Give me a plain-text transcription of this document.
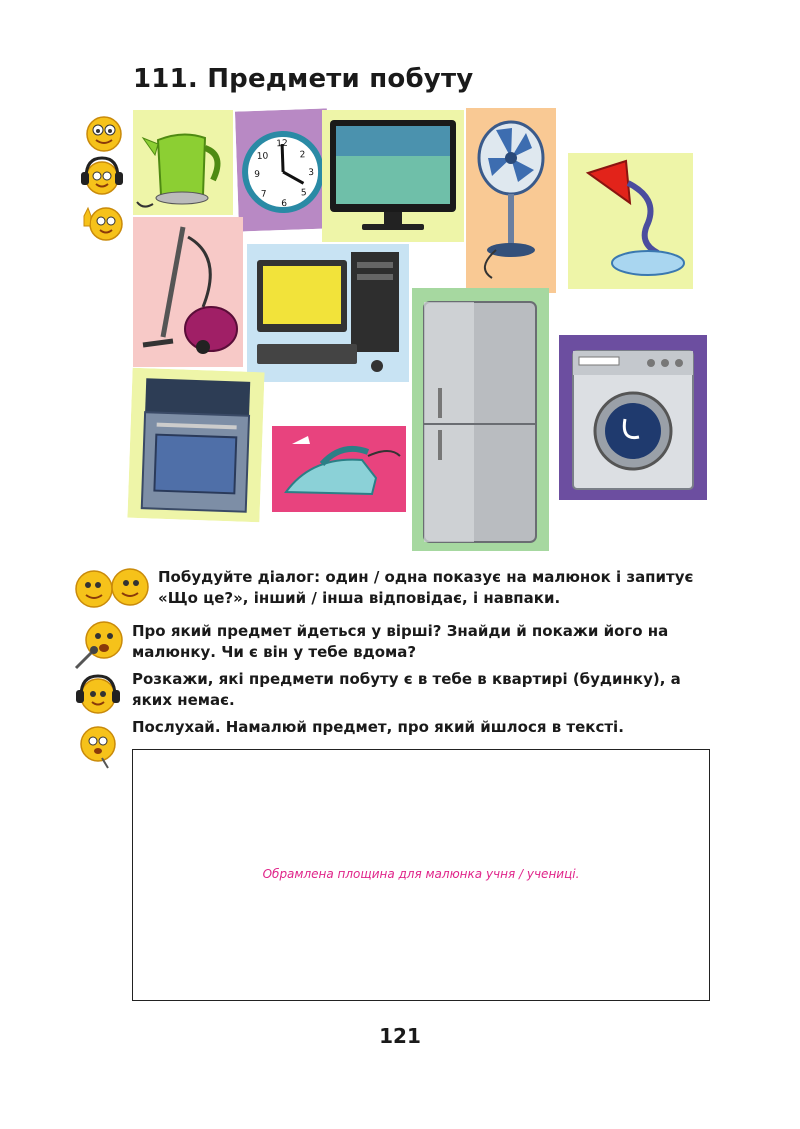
111. Предмети побуту
12
2
3
5
6
7
9
10
Побудуйте діалог: один / одна показує на малюнок і запитує «Що це?», інший / інша відповідає, і навпаки.
Про який предмет йдеться у вірші? Знайди й покажи його на малюнку. Чи є він у тебе вдома?
Розкажи, які предмети побуту є в тебе в квартирі (будинку), а яких немає.
Послухай. Намалюй предмет, про який йшлося в тексті.
Обрамлена площина для малюнка учня / учениці.
121
